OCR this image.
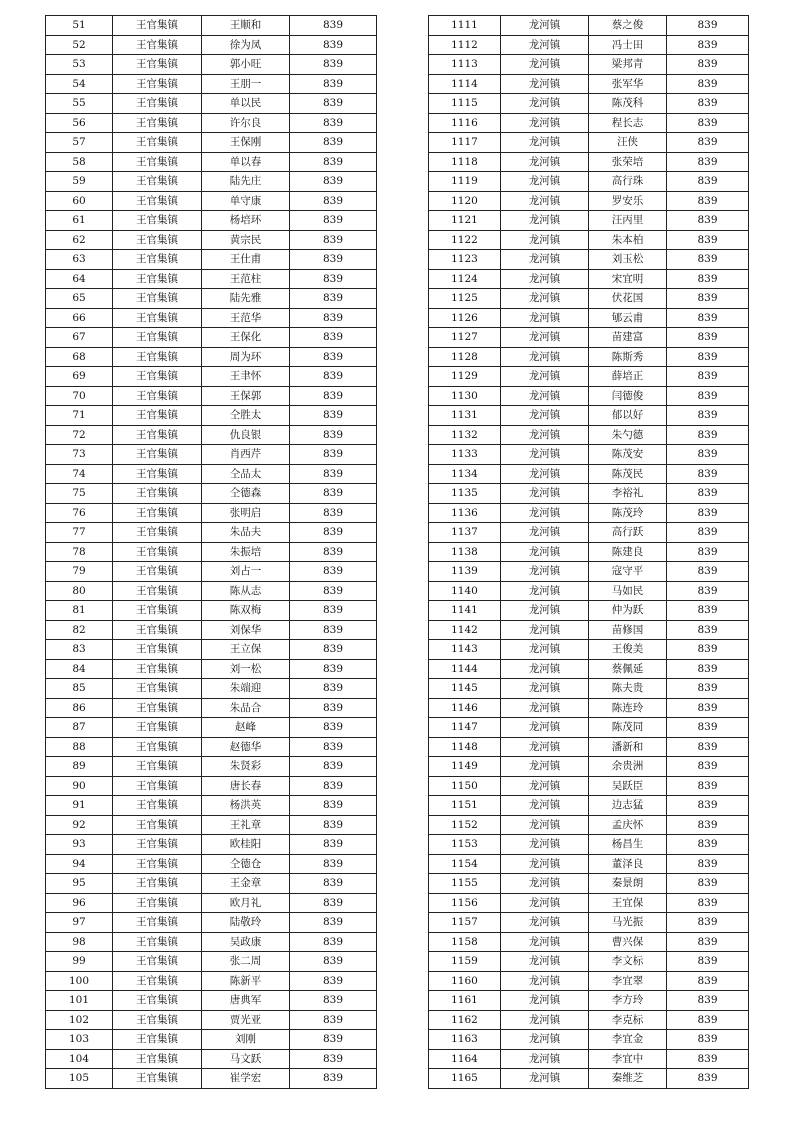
51	王官集镇	王顺和	839
52	王官集镇	徐为凤	839
53	王官集镇	郭小旺	839
54	王官集镇	王朋一	839
55	王官集镇	单以民	839
56	王官集镇	许尔良	839
57	王官集镇	王保刚	839
58	王官集镇	单以春	839
59	王官集镇	陆先庄	839
60	王官集镇	单守康	839
61	王官集镇	杨培环	839
62	王官集镇	黄宗民	839
63	王官集镇	王仕甫	839
64	王官集镇	王范柱	839
65	王官集镇	陆先雅	839
66	王官集镇	王范华	839
67	王官集镇	王保化	839
68	王官集镇	周为环	839
69	王官集镇	王聿怀	839
70	王官集镇	王保郭	839
71	王官集镇	仝胜太	839
72	王官集镇	仇良银	839
73	王官集镇	肖西芹	839
74	王官集镇	仝品太	839
75	王官集镇	仝德森	839
76	王官集镇	张明启	839
77	王官集镇	朱品夫	839
78	王官集镇	朱振培	839
79	王官集镇	刘占一	839
80	王官集镇	陈从志	839
81	王官集镇	陈双梅	839
82	王官集镇	刘保华	839
83	王官集镇	王立保	839
84	王官集镇	刘一松	839
85	王官集镇	朱端迎	839
86	王官集镇	朱品合	839
87	王官集镇	赵峰	839
88	王官集镇	赵德华	839
89	王官集镇	朱贤彩	839
90	王官集镇	唐长春	839
91	王官集镇	杨洪英	839
92	王官集镇	王礼章	839
93	王官集镇	欧桂阳	839
94	王官集镇	仝德仓	839
95	王官集镇	王金章	839
96	王官集镇	欧月礼	839
97	王官集镇	陆敬玲	839
98	王官集镇	吴政康	839
99	王官集镇	张二周	839
100	王官集镇	陈新平	839
101	王官集镇	唐典军	839
102	王官集镇	贾光亚	839
103	王官集镇	刘刚	839
104	王官集镇	马文跃	839
105	王官集镇	崔学宏	839
1111	龙河镇	蔡之俊	839
1112	龙河镇	冯士田	839
1113	龙河镇	梁邦青	839
1114	龙河镇	张军华	839
1115	龙河镇	陈茂科	839
1116	龙河镇	程长志	839
1117	龙河镇	汪侠	839
1118	龙河镇	张荣培	839
1119	龙河镇	高行珠	839
1120	龙河镇	罗安乐	839
1121	龙河镇	汪丙里	839
1122	龙河镇	朱本柏	839
1123	龙河镇	刘玉松	839
1124	龙河镇	宋宜明	839
1125	龙河镇	伏花国	839
1126	龙河镇	郇云甫	839
1127	龙河镇	苗建富	839
1128	龙河镇	陈斯秀	839
1129	龙河镇	薛培正	839
1130	龙河镇	闫德俊	839
1131	龙河镇	郁以好	839
1132	龙河镇	朱勺德	839
1133	龙河镇	陈茂安	839
1134	龙河镇	陈茂民	839
1135	龙河镇	李裕礼	839
1136	龙河镇	陈茂玲	839
1137	龙河镇	高行跃	839
1138	龙河镇	陈建良	839
1139	龙河镇	寇守平	839
1140	龙河镇	马如民	839
1141	龙河镇	仲为跃	839
1142	龙河镇	苗修国	839
1143	龙河镇	王俊美	839
1144	龙河镇	蔡佩延	839
1145	龙河镇	陈夫贵	839
1146	龙河镇	陈连玲	839
1147	龙河镇	陈茂同	839
1148	龙河镇	潘新和	839
1149	龙河镇	余贵洲	839
1150	龙河镇	吴跃臣	839
1151	龙河镇	边志猛	839
1152	龙河镇	孟庆怀	839
1153	龙河镇	杨昌生	839
1154	龙河镇	董泽良	839
1155	龙河镇	秦景朗	839
1156	龙河镇	王宜保	839
1157	龙河镇	马光振	839
1158	龙河镇	曹兴保	839
1159	龙河镇	李文标	839
1160	龙河镇	李宜翠	839
1161	龙河镇	李方玲	839
1162	龙河镇	李克标	839
1163	龙河镇	李宜金	839
1164	龙河镇	李宜中	839
1165	龙河镇	秦维芝	839
